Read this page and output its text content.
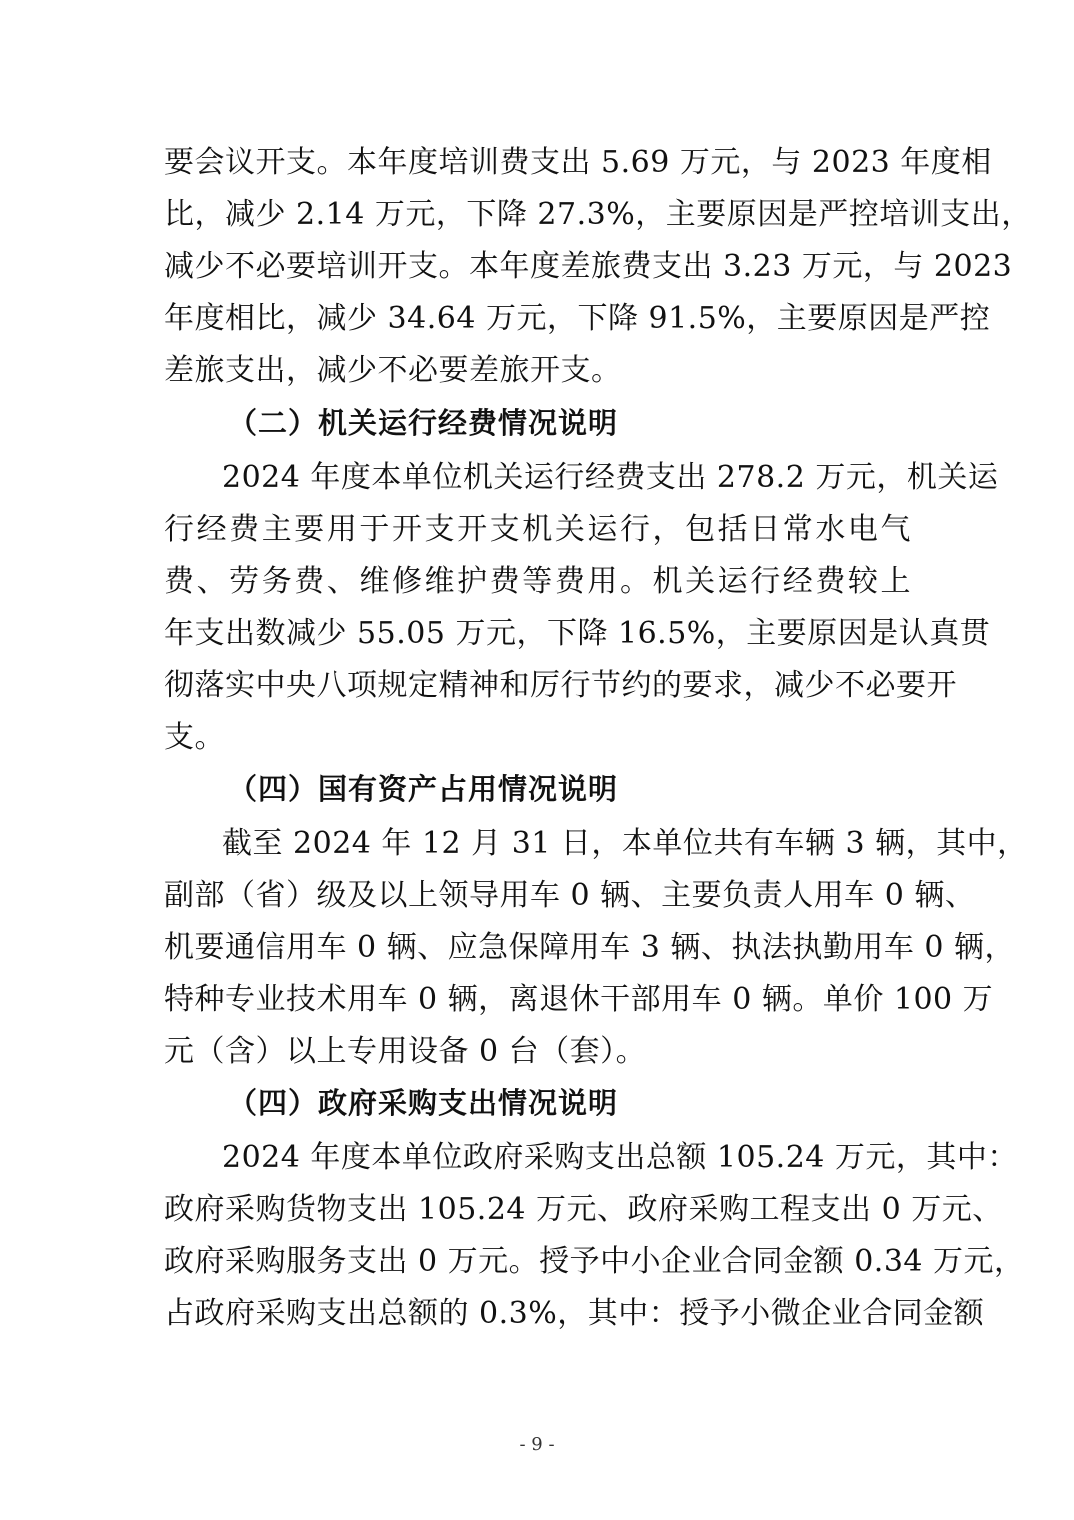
要会议开支。本年度培训费支出 5.69 万元，与 2023 年度相
比，减少 2.14 万元，下降 27.3%，主要原因是严控培训支出，
减少不必要培训开支。本年度差旅费支出 3.23 万元，与 2023
年度相比，减少 34.64 万元，下降 91.5%，主要原因是严控
差旅支出，减少不必要差旅开支。
（二）机关运行经费情况说明
2024 年度本单位机关运行经费支出 278.2 万元，机关运
行经费主要用于开支开支机关运行，包括日常水电气
费、劳务费、维修维护费等费用。机关运行经费较上
年支出数减少 55.05 万元，下降 16.5%，主要原因是认真贯
彻落实中央八项规定精神和厉行节约的要求，减少不必要开
支。
（四）国有资产占用情况说明
截至 2024 年 12 月 31 日，本单位共有车辆 3 辆，其中，
副部（省）级及以上领导用车 0 辆、主要负责人用车 0 辆、
机要通信用车 0 辆、应急保障用车 3 辆、执法执勤用车 0 辆，
特种专业技术用车 0 辆，离退休干部用车 0 辆。单价 100 万
元（含）以上专用设备 0 台（套）。
（四）政府采购支出情况说明
2024 年度本单位政府采购支出总额 105.24 万元，其中：
政府采购货物支出 105.24 万元、政府采购工程支出 0 万元、
政府采购服务支出 0 万元。授予中小企业合同金额 0.34 万元，
占政府采购支出总额的 0.3%，其中：授予小微企业合同金额
- 9 -
